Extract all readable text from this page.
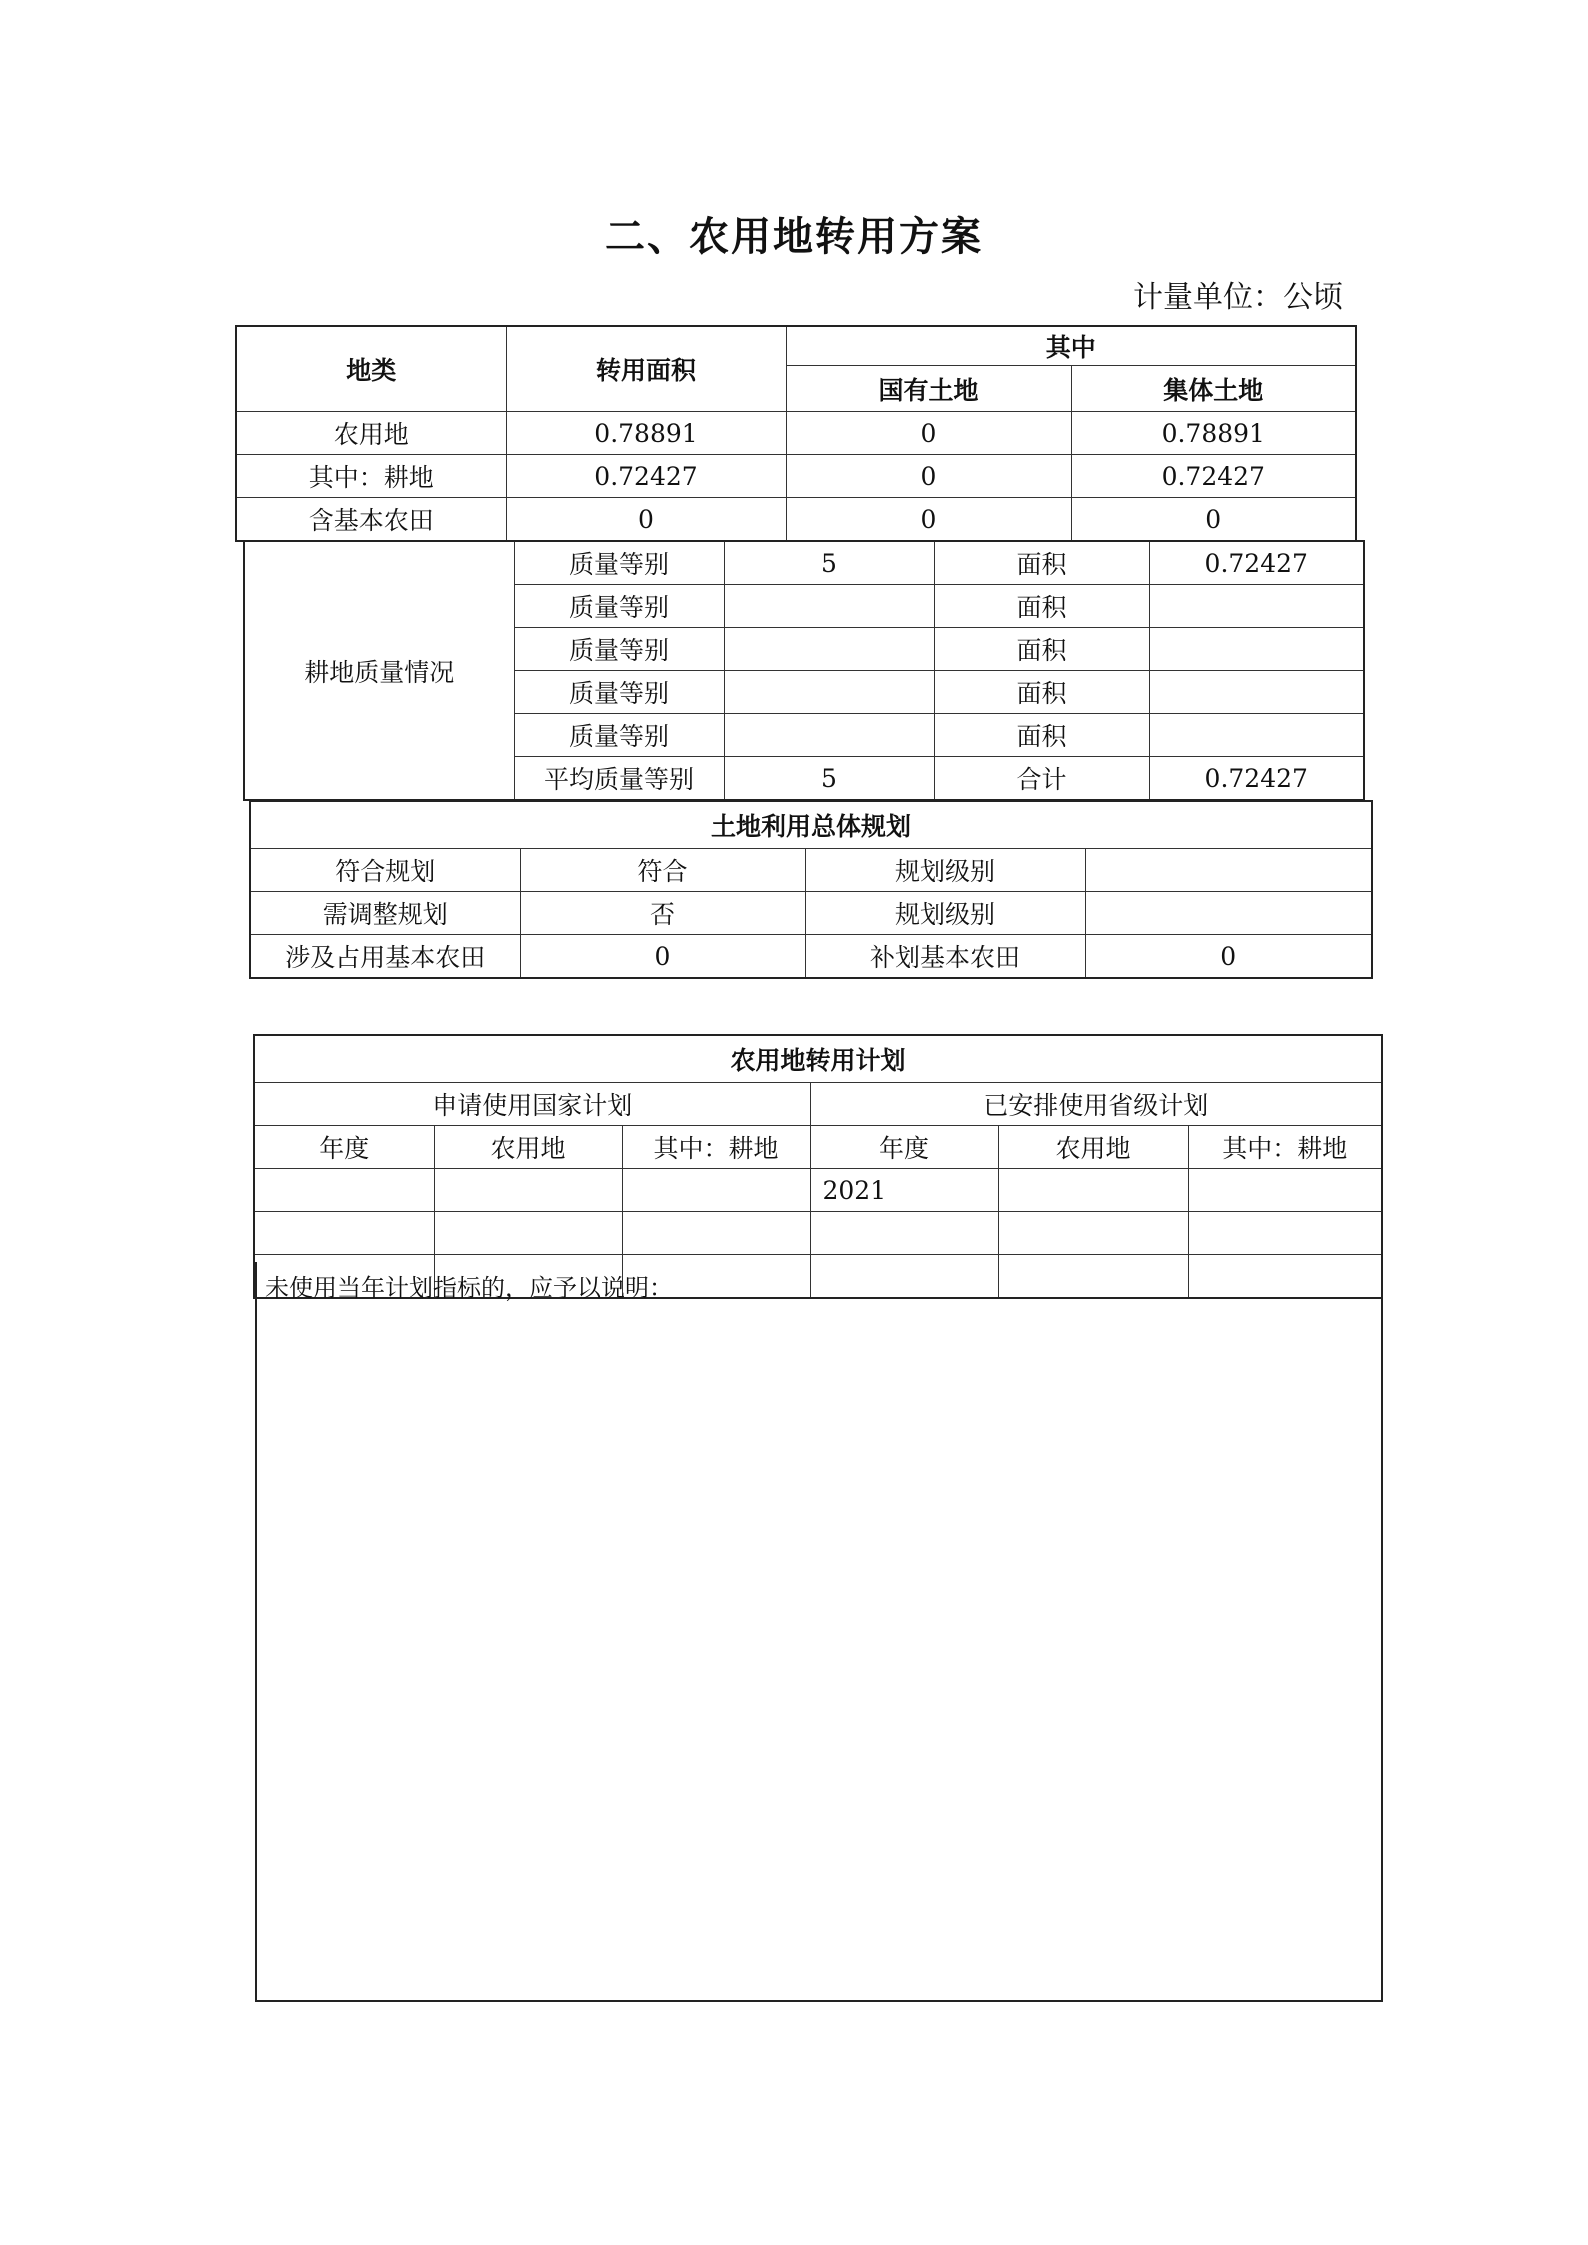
二、农用地转用方案
计量单位：公顷
地类	转用面积	其中	
		国有土地	集体土地
农用地	0.78891	0	0.78891
其中：耕地	0.72427	0	0.72427
含基本农田	0	0	0
耕地质量情况	质量等别	5	面积	0.72427
	质量等别		面积	
	质量等别		面积	
	质量等别		面积	
	质量等别		面积	
	平均质量等别	5	合计	0.72427
土地利用总体规划			
符合规划	符合	规划级别	
需调整规划	否	规划级别	
涉及占用基本农田	0	补划基本农田	0
农用地转用计划					
申请使用国家计划			已安排使用省级计划		
年度	农用地	其中：耕地	年度	农用地	其中：耕地
			2021		

未使用当年计划指标的，应予以说明：
